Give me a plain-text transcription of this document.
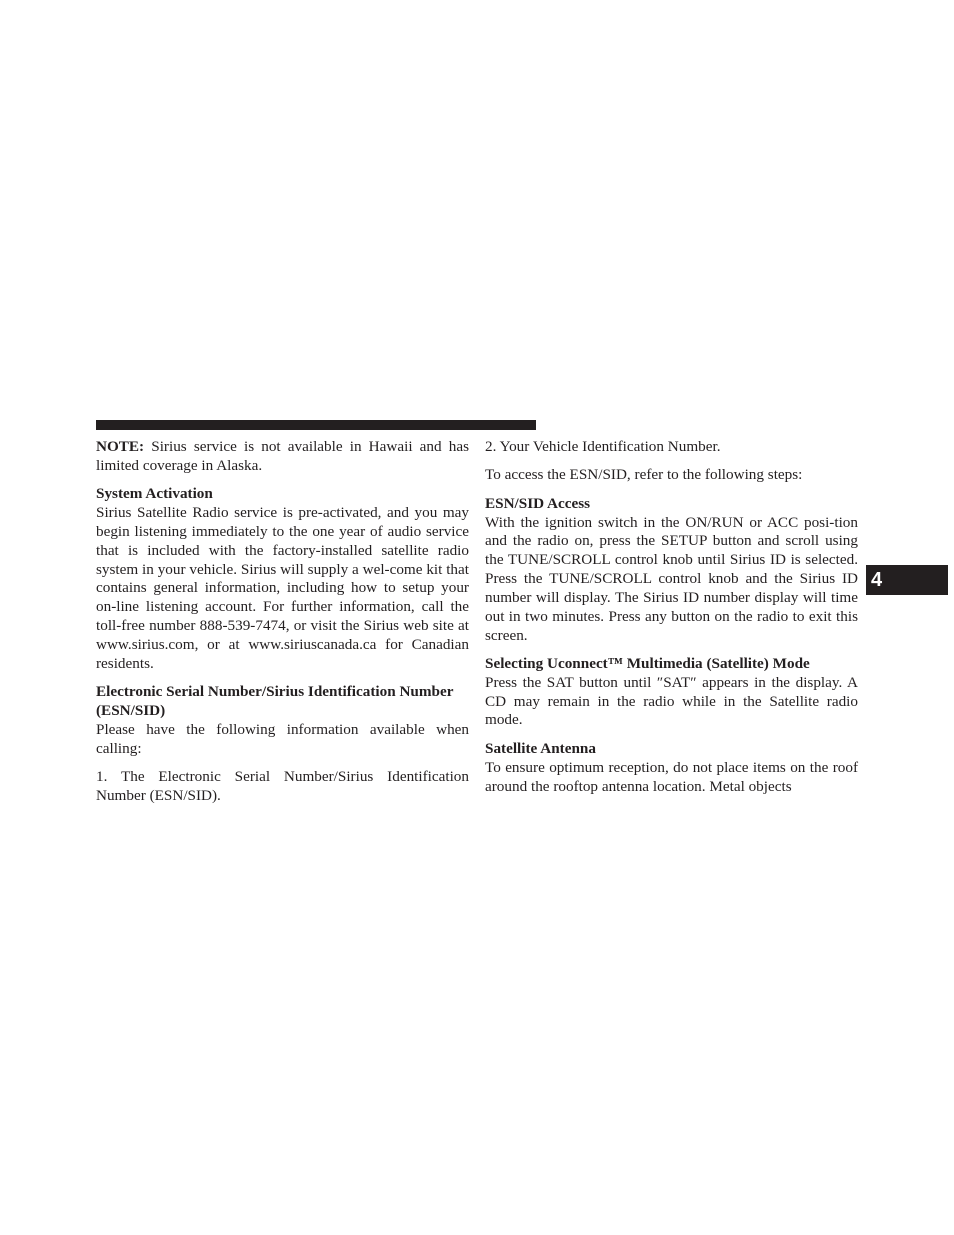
NOTE: Sirius service is not available in Hawaii and has limited coverage in Alaska.

System Activation

Sirius Satellite Radio service is pre-activated, and you may begin listening immediately to the one year of audio service that is included with the factory-installed satellite radio system in your vehicle. Sirius will supply a wel-come kit that contains general information, including how to setup your on-line listening account. For further information, call the toll-free number 888-539-7474, or visit the Sirius web site at www.sirius.com, or at www.siriuscanada.ca for Canadian residents.

Electronic Serial Number/Sirius Identification Number (ESN/SID)

Please have the following information available when calling:

1. The Electronic Serial Number/Sirius Identification Number (ESN/SID).

2. Your Vehicle Identification Number.

To access the ESN/SID, refer to the following steps:

ESN/SID Access

With the ignition switch in the ON/RUN or ACC posi-tion and the radio on, press the SETUP button and scroll using the TUNE/SCROLL control knob until Sirius ID is selected. Press the TUNE/SCROLL control knob and the Sirius ID number will display. The Sirius ID number display will time out in two minutes. Press any button on the radio to exit this screen.

Selecting Uconnect™ Multimedia (Satellite) Mode

Press the SAT button until ″SAT″ appears in the display. A CD may remain in the radio while in the Satellite radio mode.

Satellite Antenna

To ensure optimum reception, do not place items on the roof around the rooftop antenna location. Metal objects

4
